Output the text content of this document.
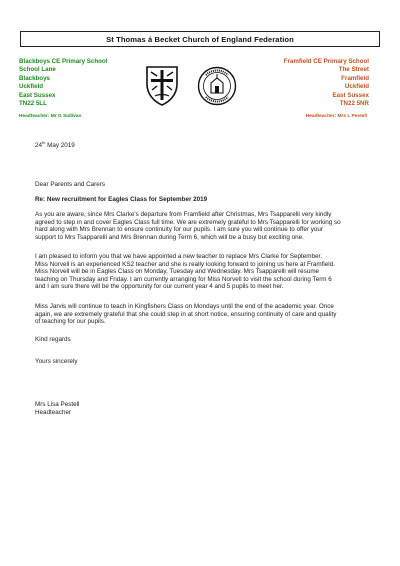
St Thomas á Becket Church of England Federation
Blackboys CE Primary School
School Lane
Blackboys
Uckfield
East Sussex
TN22 5LL
Framfield CE Primary School
The Street
Framfield
Uckfield
East Sussex
TN22 5NR
Headteacher: Mr G Sullivan	Headteacher: Mrs L Pestell
24th May 2019
Dear Parents and Carers
Re: New recruitment for Eagles Class for September 2019
As you are aware, since Mrs Clarke's departure from Framfield after Christmas, Mrs Tsapparelli very kindly
agreed to step in and cover Eagles Class full time. We are extremely grateful to Mrs Tsapparelli for working so
hard along with Mrs Brennan to ensure continuity for our pupils. I am sure you will continue to offer your
support to Mrs Tsapparelli and Mrs Brennan during Term 6, which will be a busy but exciting one.
I am pleased to inform you that we have appointed a new teacher to replace Mrs Clarke for September.
Miss Norvell is an experienced KS2 teacher and she is really looking forward to joining us here at Framfield.
Miss Norvell will be in Eagles Class on Monday, Tuesday and Wednesday. Mrs Tsapparelli will resume
teaching on Thursday and Friday. I am currently arranging for Miss Norvell to visit the school during Term 6
and I am sure there will be the opportunity for our current year 4 and 5 pupils to meet her.
Miss Jarvis will continue to teach in Kingfishers Class on Mondays until the end of the academic year. Once
again, we are extremely grateful that she could step in at short notice, ensuring continuity of care and quality
of teaching for our pupils.
Kind regards
Yours sincerely
Mrs Lisa Pestell
Headteacher
